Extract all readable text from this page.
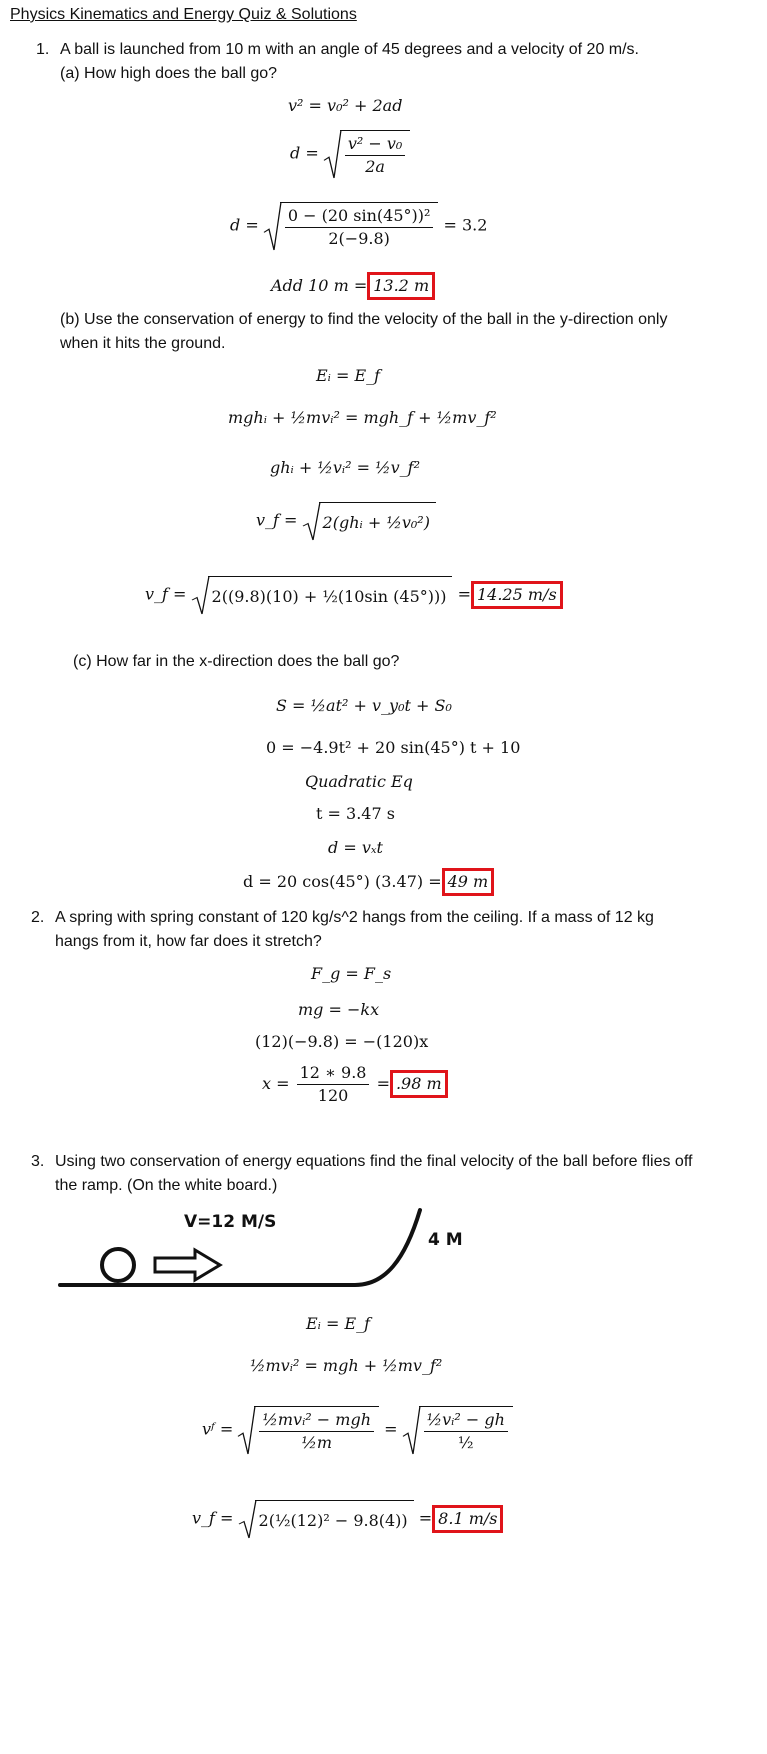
Physics Kinematics and Energy Quiz & Solutions
1. A ball is launched from 10 m with an angle of 45 degrees and a velocity of 20 m/s.
(a) How high does the ball go?
v² = v₀² + 2ad
$d = \frac{\text{v² − v₀}}{2a}$
$d = \frac{\text{0 − (20 sin(45°))²}}{2(-9.8)} = 3.2$
Add 10 m = 13.2 m
(b) Use the conservation of energy to find the velocity of the ball in the y-direction only when it hits the ground.
Eᵢ = E_f
mghᵢ + ½mvᵢ² = mgh_f + ½mv_f²
ghᵢ + ½vᵢ² = ½v_f²
v_f = 2(ghᵢ + ½v₀²)
v_f = 2((9.8)(10) + ½(10sin (45°))) = 14.25 m/s
(c) How far in the x-direction does the ball go?
S = ½at² + v_y₀t + S₀
0 = −4.9t² + 20 sin(45°) t + 10
Quadratic Eq
t = 3.47 s
d = vₓt
d = 20 cos(45°) (3.47) = 49 m
2. A spring with spring constant of 120 kg/s^2 hangs from the ceiling. If a mass of 12 kg hangs from it, how far does it stretch?
F_g = F_s
mg = −kx
(12)(−9.8) = −(120)x
$x = \frac{12 ∗ 9.8}{120} = .98$ m
3. Using two conservation of energy equations find the final velocity of the ball before flies off the ramp. (On the white board.)
V=12 M/S
4 M
Eᵢ = E_f
½mvᵢ² = mgh + ½mv_f²
vᶠ = $\frac{\text{½mvᵢ² − mgh}}{\text{½m}} = \frac{\text{½vᵢ² − gh}}{\text{½}}$
v_f = 2(½(12)² − 9.8(4)) = 8.1 m/s
